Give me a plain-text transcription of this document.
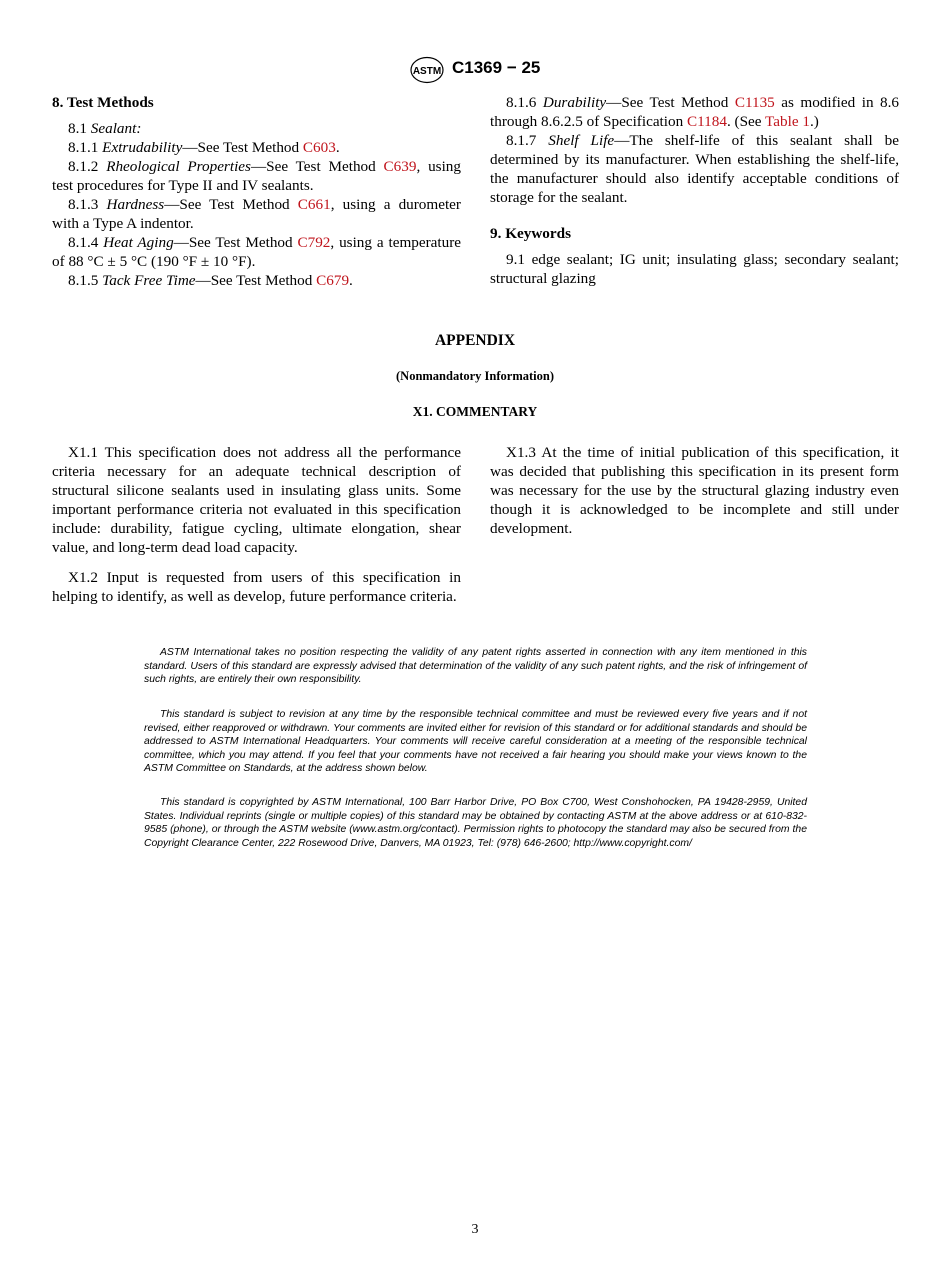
ASTM C1369 − 25

8. Test Methods

8.1 Sealant:

8.1.1 Extrudability—See Test Method C603.

8.1.2 Rheological Properties—See Test Method C639, using test procedures for Type II and IV sealants.

8.1.3 Hardness—See Test Method C661, using a durometer with a Type A indentor.

8.1.4 Heat Aging—See Test Method C792, using a temperature of 88 °C ± 5 °C (190 °F ± 10 °F).

8.1.5 Tack Free Time—See Test Method C679.

8.1.6 Durability—See Test Method C1135 as modified in 8.6 through 8.6.2.5 of Specification C1184. (See Table 1.)

8.1.7 Shelf Life—The shelf-life of this sealant shall be determined by its manufacturer. When establishing the shelf-life, the manufacturer should also identify acceptable conditions of storage for the sealant.

9. Keywords

9.1 edge sealant; IG unit; insulating glass; secondary sealant; structural glazing

APPENDIX
(Nonmandatory Information)
X1. COMMENTARY

X1.1 This specification does not address all the performance criteria necessary for an adequate technical description of structural silicone sealants used in insulating glass units. Some important performance criteria not evaluated in this specification include: durability, fatigue cycling, ultimate elongation, shear value, and long-term dead load capacity.

X1.2 Input is requested from users of this specification in helping to identify, as well as develop, future performance criteria.

X1.3 At the time of initial publication of this specification, it was decided that publishing this specification in its present form was necessary for the use by the structural glazing industry even though it is acknowledged to be incomplete and still under development.

ASTM International takes no position respecting the validity of any patent rights asserted in connection with any item mentioned in this standard. Users of this standard are expressly advised that determination of the validity of any such patent rights, and the risk of infringement of such rights, are entirely their own responsibility.

This standard is subject to revision at any time by the responsible technical committee and must be reviewed every five years and if not revised, either reapproved or withdrawn. Your comments are invited either for revision of this standard or for additional standards and should be addressed to ASTM International Headquarters. Your comments will receive careful consideration at a meeting of the responsible technical committee, which you may attend. If you feel that your comments have not received a fair hearing you should make your views known to the ASTM Committee on Standards, at the address shown below.

This standard is copyrighted by ASTM International, 100 Barr Harbor Drive, PO Box C700, West Conshohocken, PA 19428-2959, United States. Individual reprints (single or multiple copies) of this standard may be obtained by contacting ASTM at the above address or at 610-832-9585 (phone), or through the ASTM website (www.astm.org/contact). Permission rights to photocopy the standard may also be secured from the Copyright Clearance Center, 222 Rosewood Drive, Danvers, MA 01923, Tel: (978) 646-2600; http://www.copyright.com/

3
